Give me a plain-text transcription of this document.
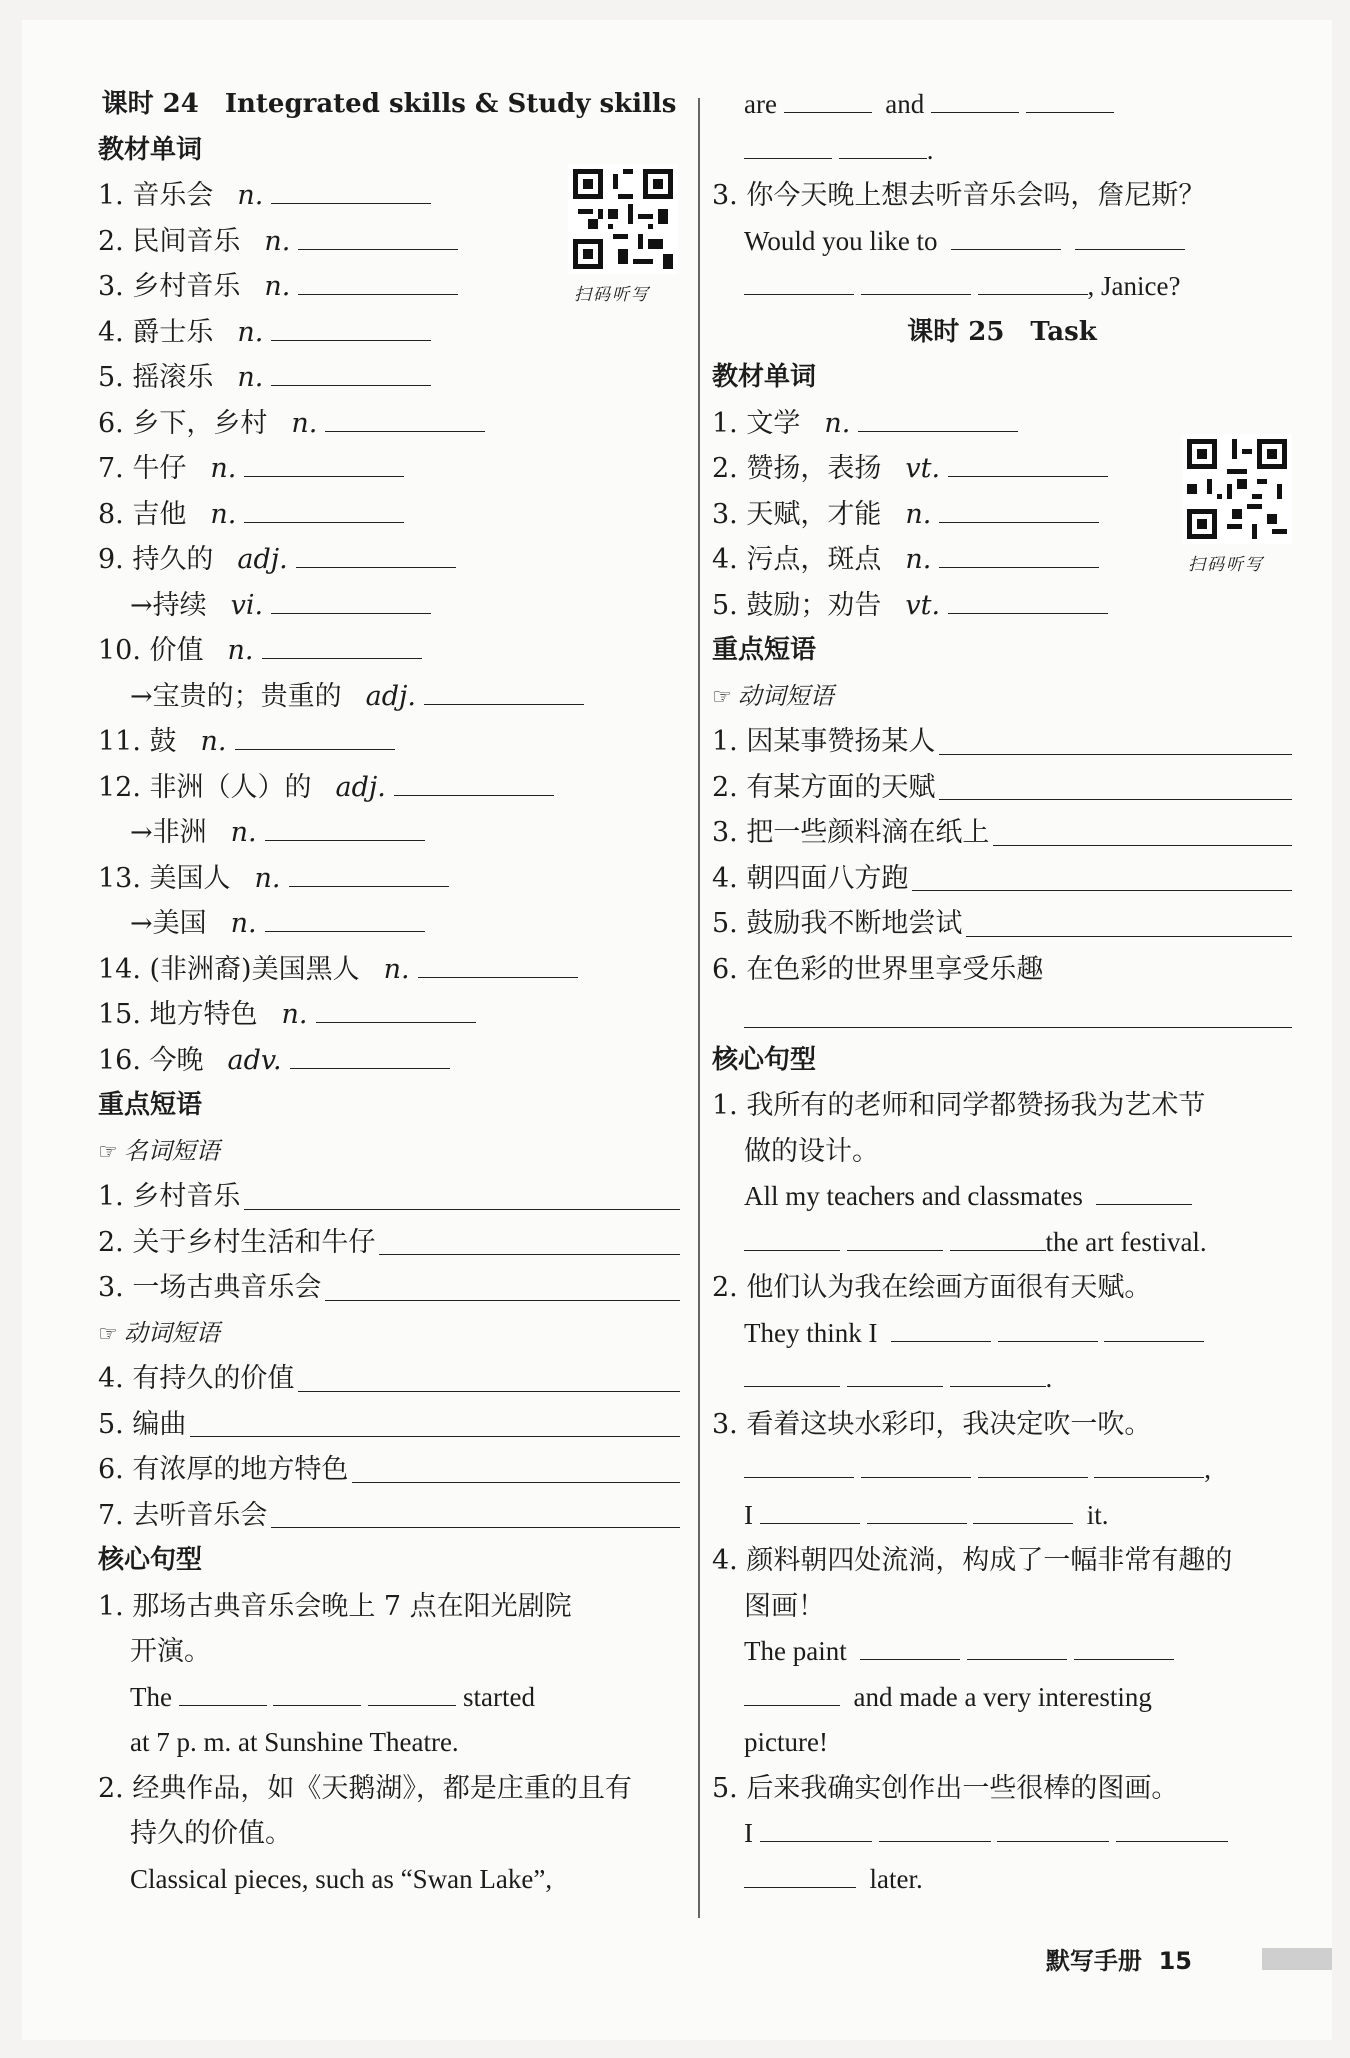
课时 24　Integrated skills & Study skills
教材单词
1. 音乐会 n.
2. 民间音乐 n.
3. 乡村音乐 n.
4. 爵士乐 n.
5. 摇滚乐 n.
6. 乡下，乡村 n.
7. 牛仔 n.
8. 吉他 n.
9. 持久的 adj.
→持续 vi.
10. 价值 n.
→宝贵的；贵重的 adj.
11. 鼓 n.
12. 非洲（人）的 adj.
→非洲 n.
13. 美国人 n.
→美国 n.
14. (非洲裔)美国黑人 n.
15. 地方特色 n.
16. 今晚 adv.
重点短语
☞ 名词短语
1. 乡村音乐
2. 关于乡村生活和牛仔
3. 一场古典音乐会
☞ 动词短语
4. 有持久的价值
5. 编曲
6. 有浓厚的地方特色
7. 去听音乐会
核心句型
1. 那场古典音乐会晚上 7 点在阳光剧院
开演。
The	started
at 7 p. m. at Sunshine Theatre.
2. 经典作品，如《天鹅湖》，都是庄重的且有
持久的价值。
Classical pieces, such as “Swan Lake”,
扫码听写
are	and
.
3. 你今天晚上想去听音乐会吗，詹尼斯？
Would you like to
, Janice?
课时 25　Task
教材单词
1. 文学 n.
2. 赞扬，表扬 vt.
3. 天赋，才能 n.
4. 污点，斑点 n.
5. 鼓励；劝告 vt.
重点短语
☞ 动词短语
1. 因某事赞扬某人
2. 有某方面的天赋
3. 把一些颜料滴在纸上
4. 朝四面八方跑
5. 鼓励我不断地尝试
6. 在色彩的世界里享受乐趣
核心句型
1. 我所有的老师和同学都赞扬我为艺术节
做的设计。
All my teachers and classmates
the art festival.
2. 他们认为我在绘画方面很有天赋。
They think I
.
3. 看着这块水彩印，我决定吹一吹。
,
I	it.
4. 颜料朝四处流淌，构成了一幅非常有趣的
图画！
The paint
and made a very interesting
picture!
5. 后来我确实创作出一些很棒的图画。
I
later.
扫码听写
默写手册 15
